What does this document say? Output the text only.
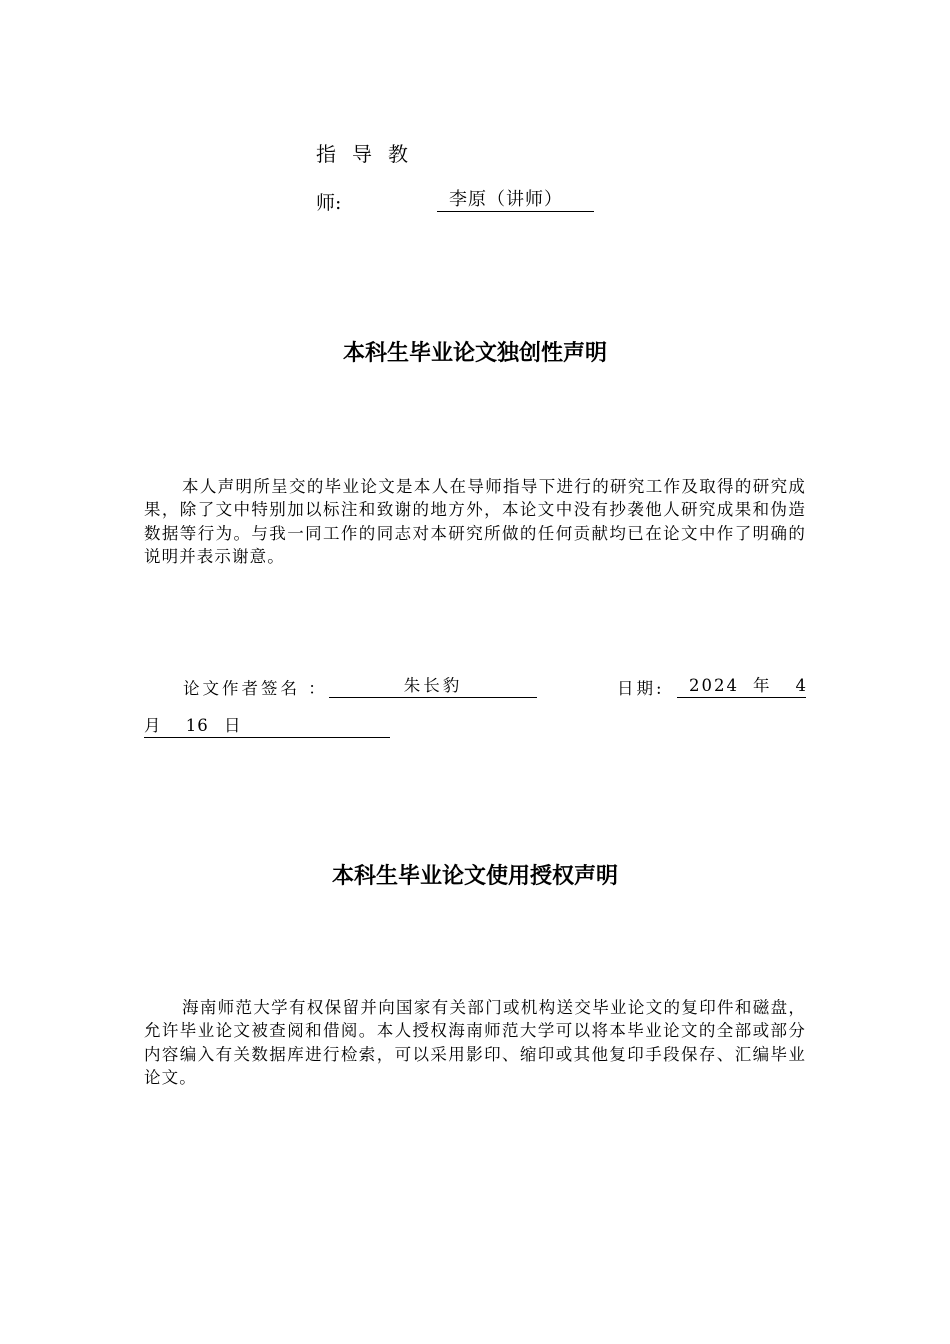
指导教
师:	李原（讲师）
本科生毕业论文独创性声明
本人声明所呈交的毕业论文是本人在导师指导下进行的研究工作及取得的研究成果，除了文中特别加以标注和致谢的地方外，本论文中没有抄袭他人研究成果和伪造数据等行为。与我一同工作的同志对本研究所做的任何贡献均已在论文中作了明确的说明并表示谢意。
论文作者签名 ：	朱长豹	日期: 2024 年 4
月 16 日
本科生毕业论文使用授权声明
海南师范大学有权保留并向国家有关部门或机构送交毕业论文的复印件和磁盘，允许毕业论文被查阅和借阅。本人授权海南师范大学可以将本毕业论文的全部或部分内容编入有关数据库进行检索，可以采用影印、缩印或其他复印手段保存、汇编毕业论文。
